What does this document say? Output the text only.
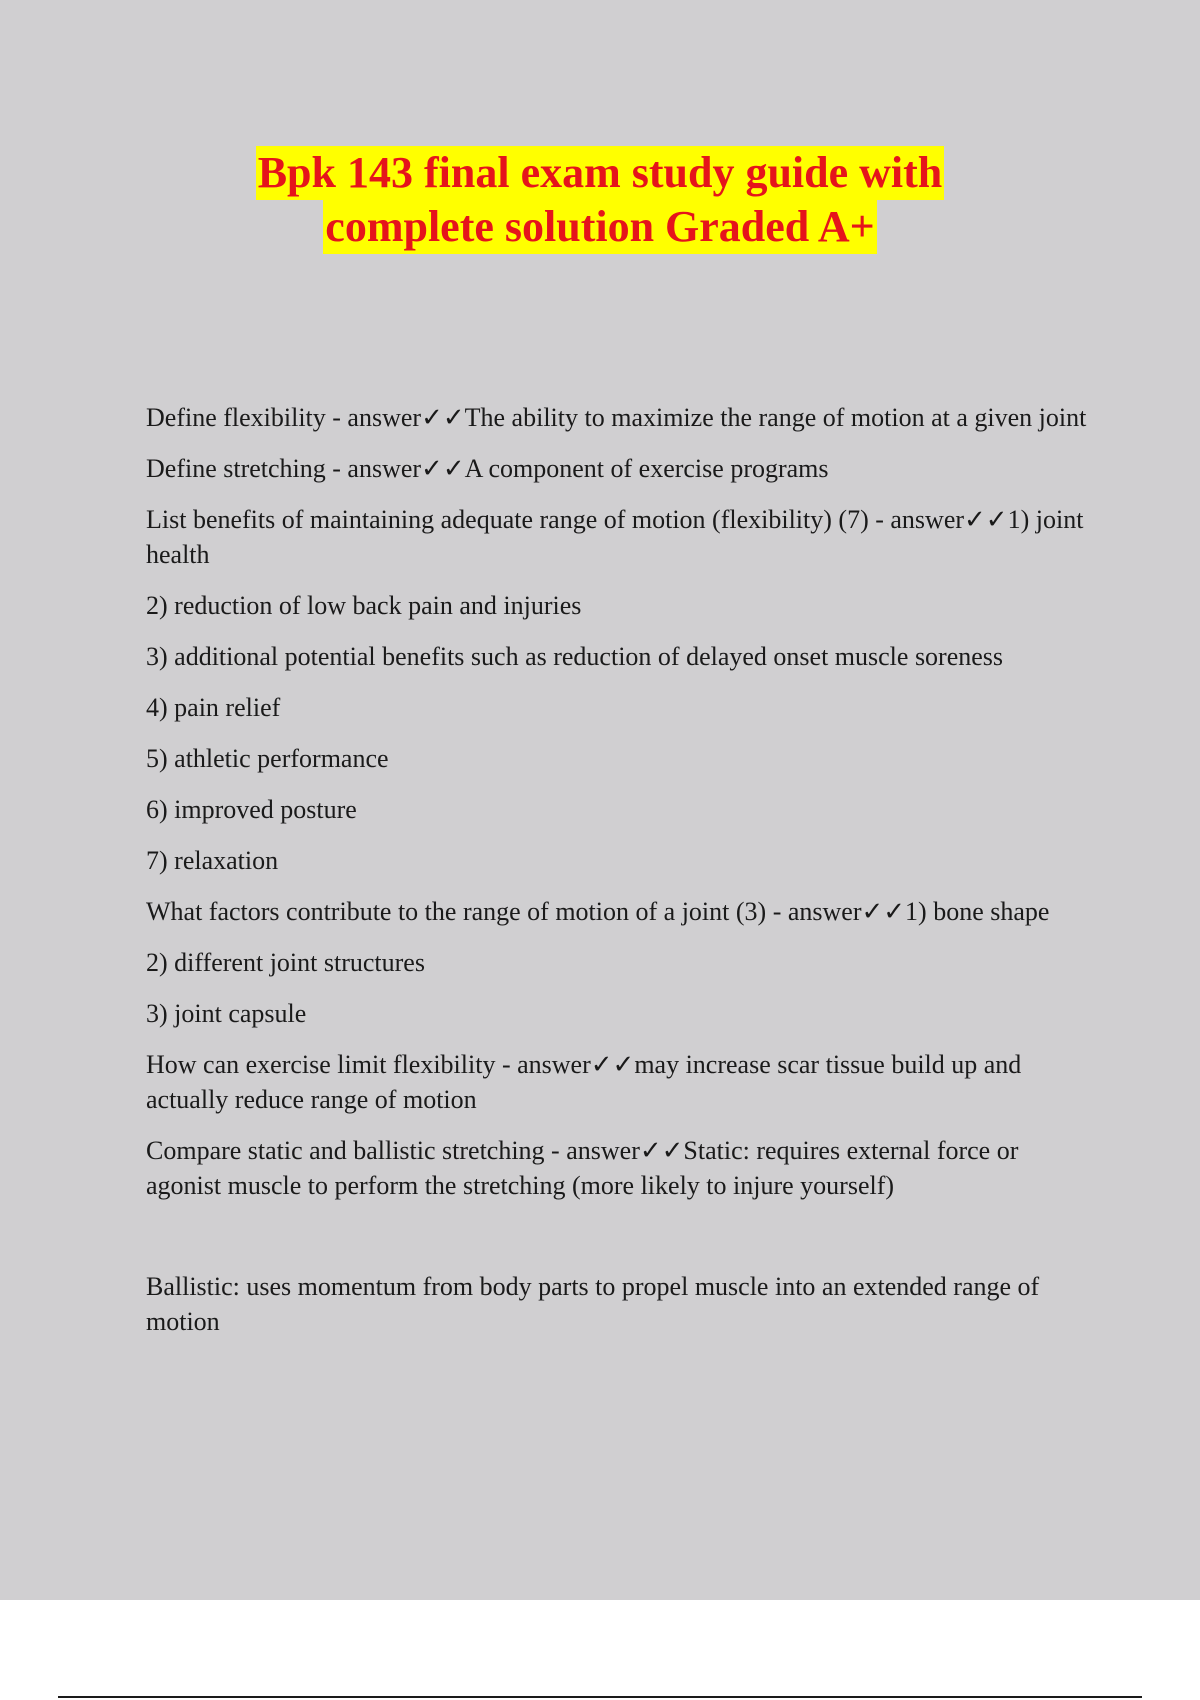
Bpk 143 final exam study guide with
complete solution Graded A+

Define flexibility - answer✓✓The ability to maximize the range of motion at a given joint

Define stretching - answer✓✓A component of exercise programs

List benefits of maintaining adequate range of motion (flexibility) (7) - answer✓✓1) joint health

2) reduction of low back pain and injuries

3) additional potential benefits such as reduction of delayed onset muscle soreness

4) pain relief

5) athletic performance

6) improved posture

7) relaxation

What factors contribute to the range of motion of a joint (3) - answer✓✓1) bone shape

2) different joint structures

3) joint capsule

How can exercise limit flexibility - answer✓✓may increase scar tissue build up and actually reduce range of motion

Compare static and ballistic stretching - answer✓✓Static: requires external force or agonist muscle to perform the stretching (more likely to injure yourself)

Ballistic: uses momentum from body parts to propel muscle into an extended range of motion
